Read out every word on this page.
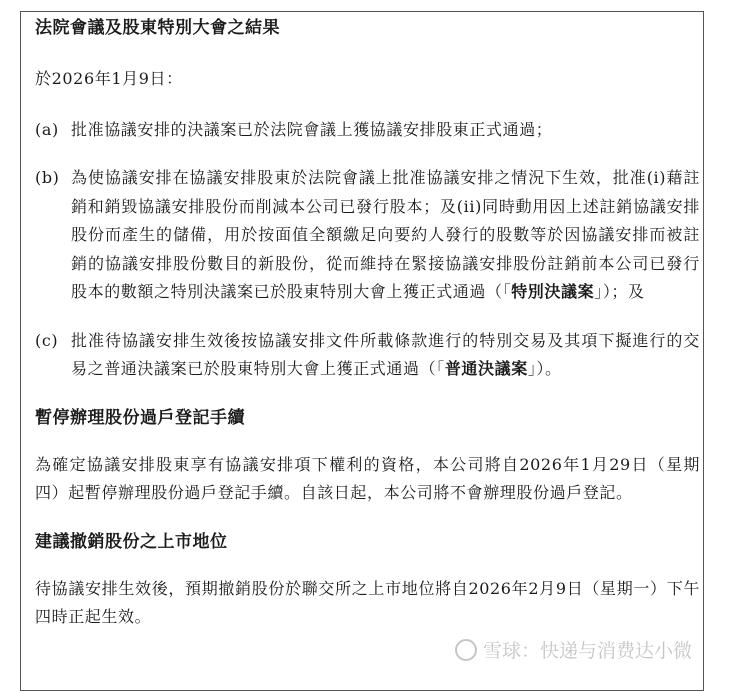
法院會議及股東特別大會之結果

於2026年1月9日：

(a) 批准協議安排的決議案已於法院會議上獲協議安排股東正式通過；
(b) 為使協議安排在協議安排股東於法院會議上批准協議安排之情況下生效，批准(i)藉註銷和銷毀協議安排股份而削減本公司已發行股本；及(ii)同時動用因上述註銷協議安排股份而產生的儲備，用於按面值全額繳足向要約人發行的股數等於因協議安排而被註銷的協議安排股份數目的新股份，從而維持在緊接協議安排股份註銷前本公司已發行股本的數額之特別決議案已於股東特別大會上獲正式通過（「特別決議案」）；及
(c) 批准待協議安排生效後按協議安排文件所載條款進行的特別交易及其項下擬進行的交易之普通決議案已於股東特別大會上獲正式通過（「普通決議案」）。

暫停辦理股份過戶登記手續

為確定協議安排股東享有協議安排項下權利的資格，本公司將自2026年1月29日（星期四）起暫停辦理股份過戶登記手續。自該日起，本公司將不會辦理股份過戶登記。

建議撤銷股份之上市地位

待協議安排生效後，預期撤銷股份於聯交所之上市地位將自2026年2月9日（星期一）下午四時正起生效。

雪球：快递与消费达小微
